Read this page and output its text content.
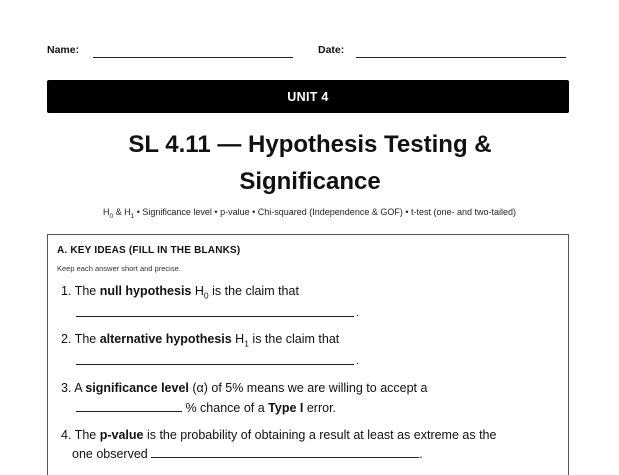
Name:	Date:
UNIT 4
SL 4.11 — Hypothesis Testing &
Significance
$H_0$ & $H_1$ • Significance level • p-value • Chi-squared (Independence & GOF) • t-test (one- and two-tailed)
A. KEY IDEAS (FILL IN THE BLANKS)
Keep each answer short and precise.
1. The null hypothesis $H_0$ is the claim that
.
2. The alternative hypothesis $H_1$ is the claim that
.
3. A significance level (α) of 5% means we are willing to accept a
% chance of a Type I error.
4. The p-value is the probability of obtaining a result at least as extreme as the
one observed	.
